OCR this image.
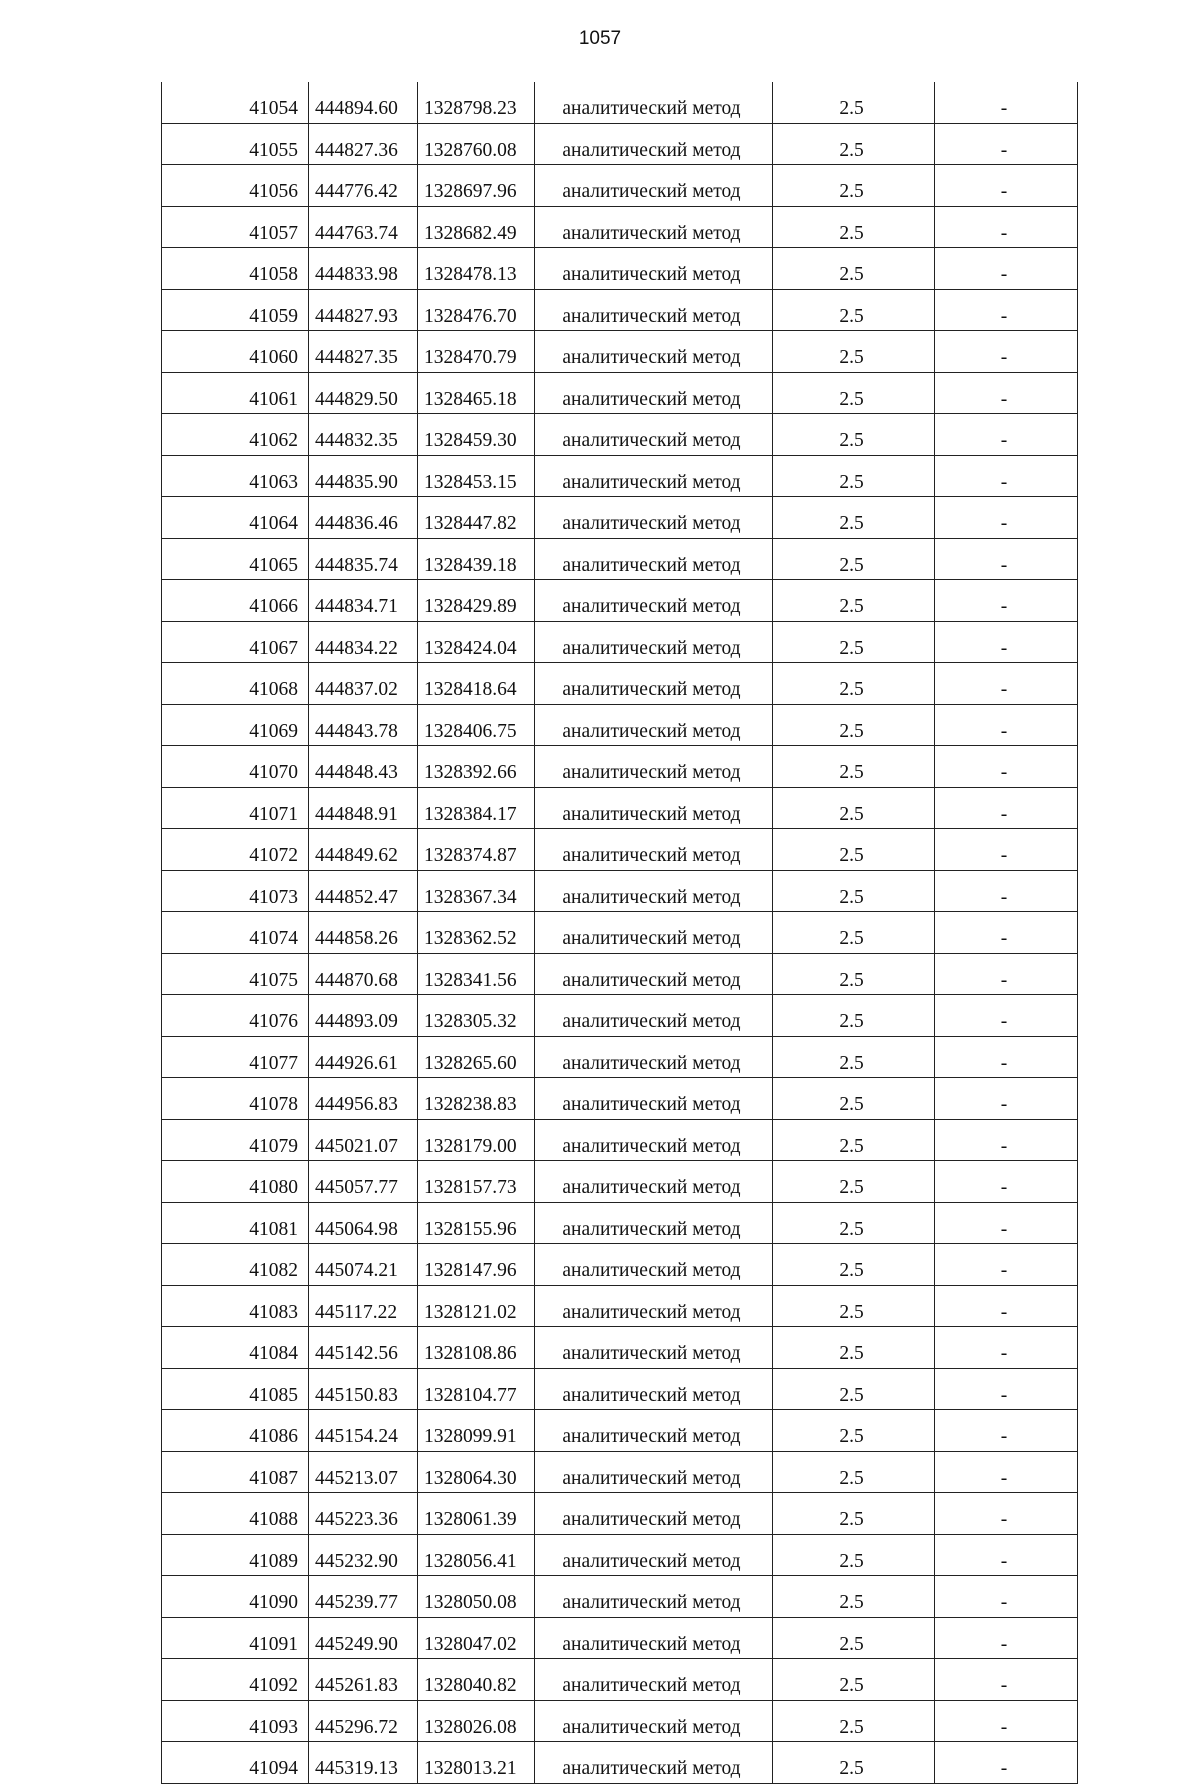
1057
41054	444894.60	1328798.23	аналитический метод	2.5	-
41055	444827.36	1328760.08	аналитический метод	2.5	-
41056	444776.42	1328697.96	аналитический метод	2.5	-
41057	444763.74	1328682.49	аналитический метод	2.5	-
41058	444833.98	1328478.13	аналитический метод	2.5	-
41059	444827.93	1328476.70	аналитический метод	2.5	-
41060	444827.35	1328470.79	аналитический метод	2.5	-
41061	444829.50	1328465.18	аналитический метод	2.5	-
41062	444832.35	1328459.30	аналитический метод	2.5	-
41063	444835.90	1328453.15	аналитический метод	2.5	-
41064	444836.46	1328447.82	аналитический метод	2.5	-
41065	444835.74	1328439.18	аналитический метод	2.5	-
41066	444834.71	1328429.89	аналитический метод	2.5	-
41067	444834.22	1328424.04	аналитический метод	2.5	-
41068	444837.02	1328418.64	аналитический метод	2.5	-
41069	444843.78	1328406.75	аналитический метод	2.5	-
41070	444848.43	1328392.66	аналитический метод	2.5	-
41071	444848.91	1328384.17	аналитический метод	2.5	-
41072	444849.62	1328374.87	аналитический метод	2.5	-
41073	444852.47	1328367.34	аналитический метод	2.5	-
41074	444858.26	1328362.52	аналитический метод	2.5	-
41075	444870.68	1328341.56	аналитический метод	2.5	-
41076	444893.09	1328305.32	аналитический метод	2.5	-
41077	444926.61	1328265.60	аналитический метод	2.5	-
41078	444956.83	1328238.83	аналитический метод	2.5	-
41079	445021.07	1328179.00	аналитический метод	2.5	-
41080	445057.77	1328157.73	аналитический метод	2.5	-
41081	445064.98	1328155.96	аналитический метод	2.5	-
41082	445074.21	1328147.96	аналитический метод	2.5	-
41083	445117.22	1328121.02	аналитический метод	2.5	-
41084	445142.56	1328108.86	аналитический метод	2.5	-
41085	445150.83	1328104.77	аналитический метод	2.5	-
41086	445154.24	1328099.91	аналитический метод	2.5	-
41087	445213.07	1328064.30	аналитический метод	2.5	-
41088	445223.36	1328061.39	аналитический метод	2.5	-
41089	445232.90	1328056.41	аналитический метод	2.5	-
41090	445239.77	1328050.08	аналитический метод	2.5	-
41091	445249.90	1328047.02	аналитический метод	2.5	-
41092	445261.83	1328040.82	аналитический метод	2.5	-
41093	445296.72	1328026.08	аналитический метод	2.5	-
41094	445319.13	1328013.21	аналитический метод	2.5	-
